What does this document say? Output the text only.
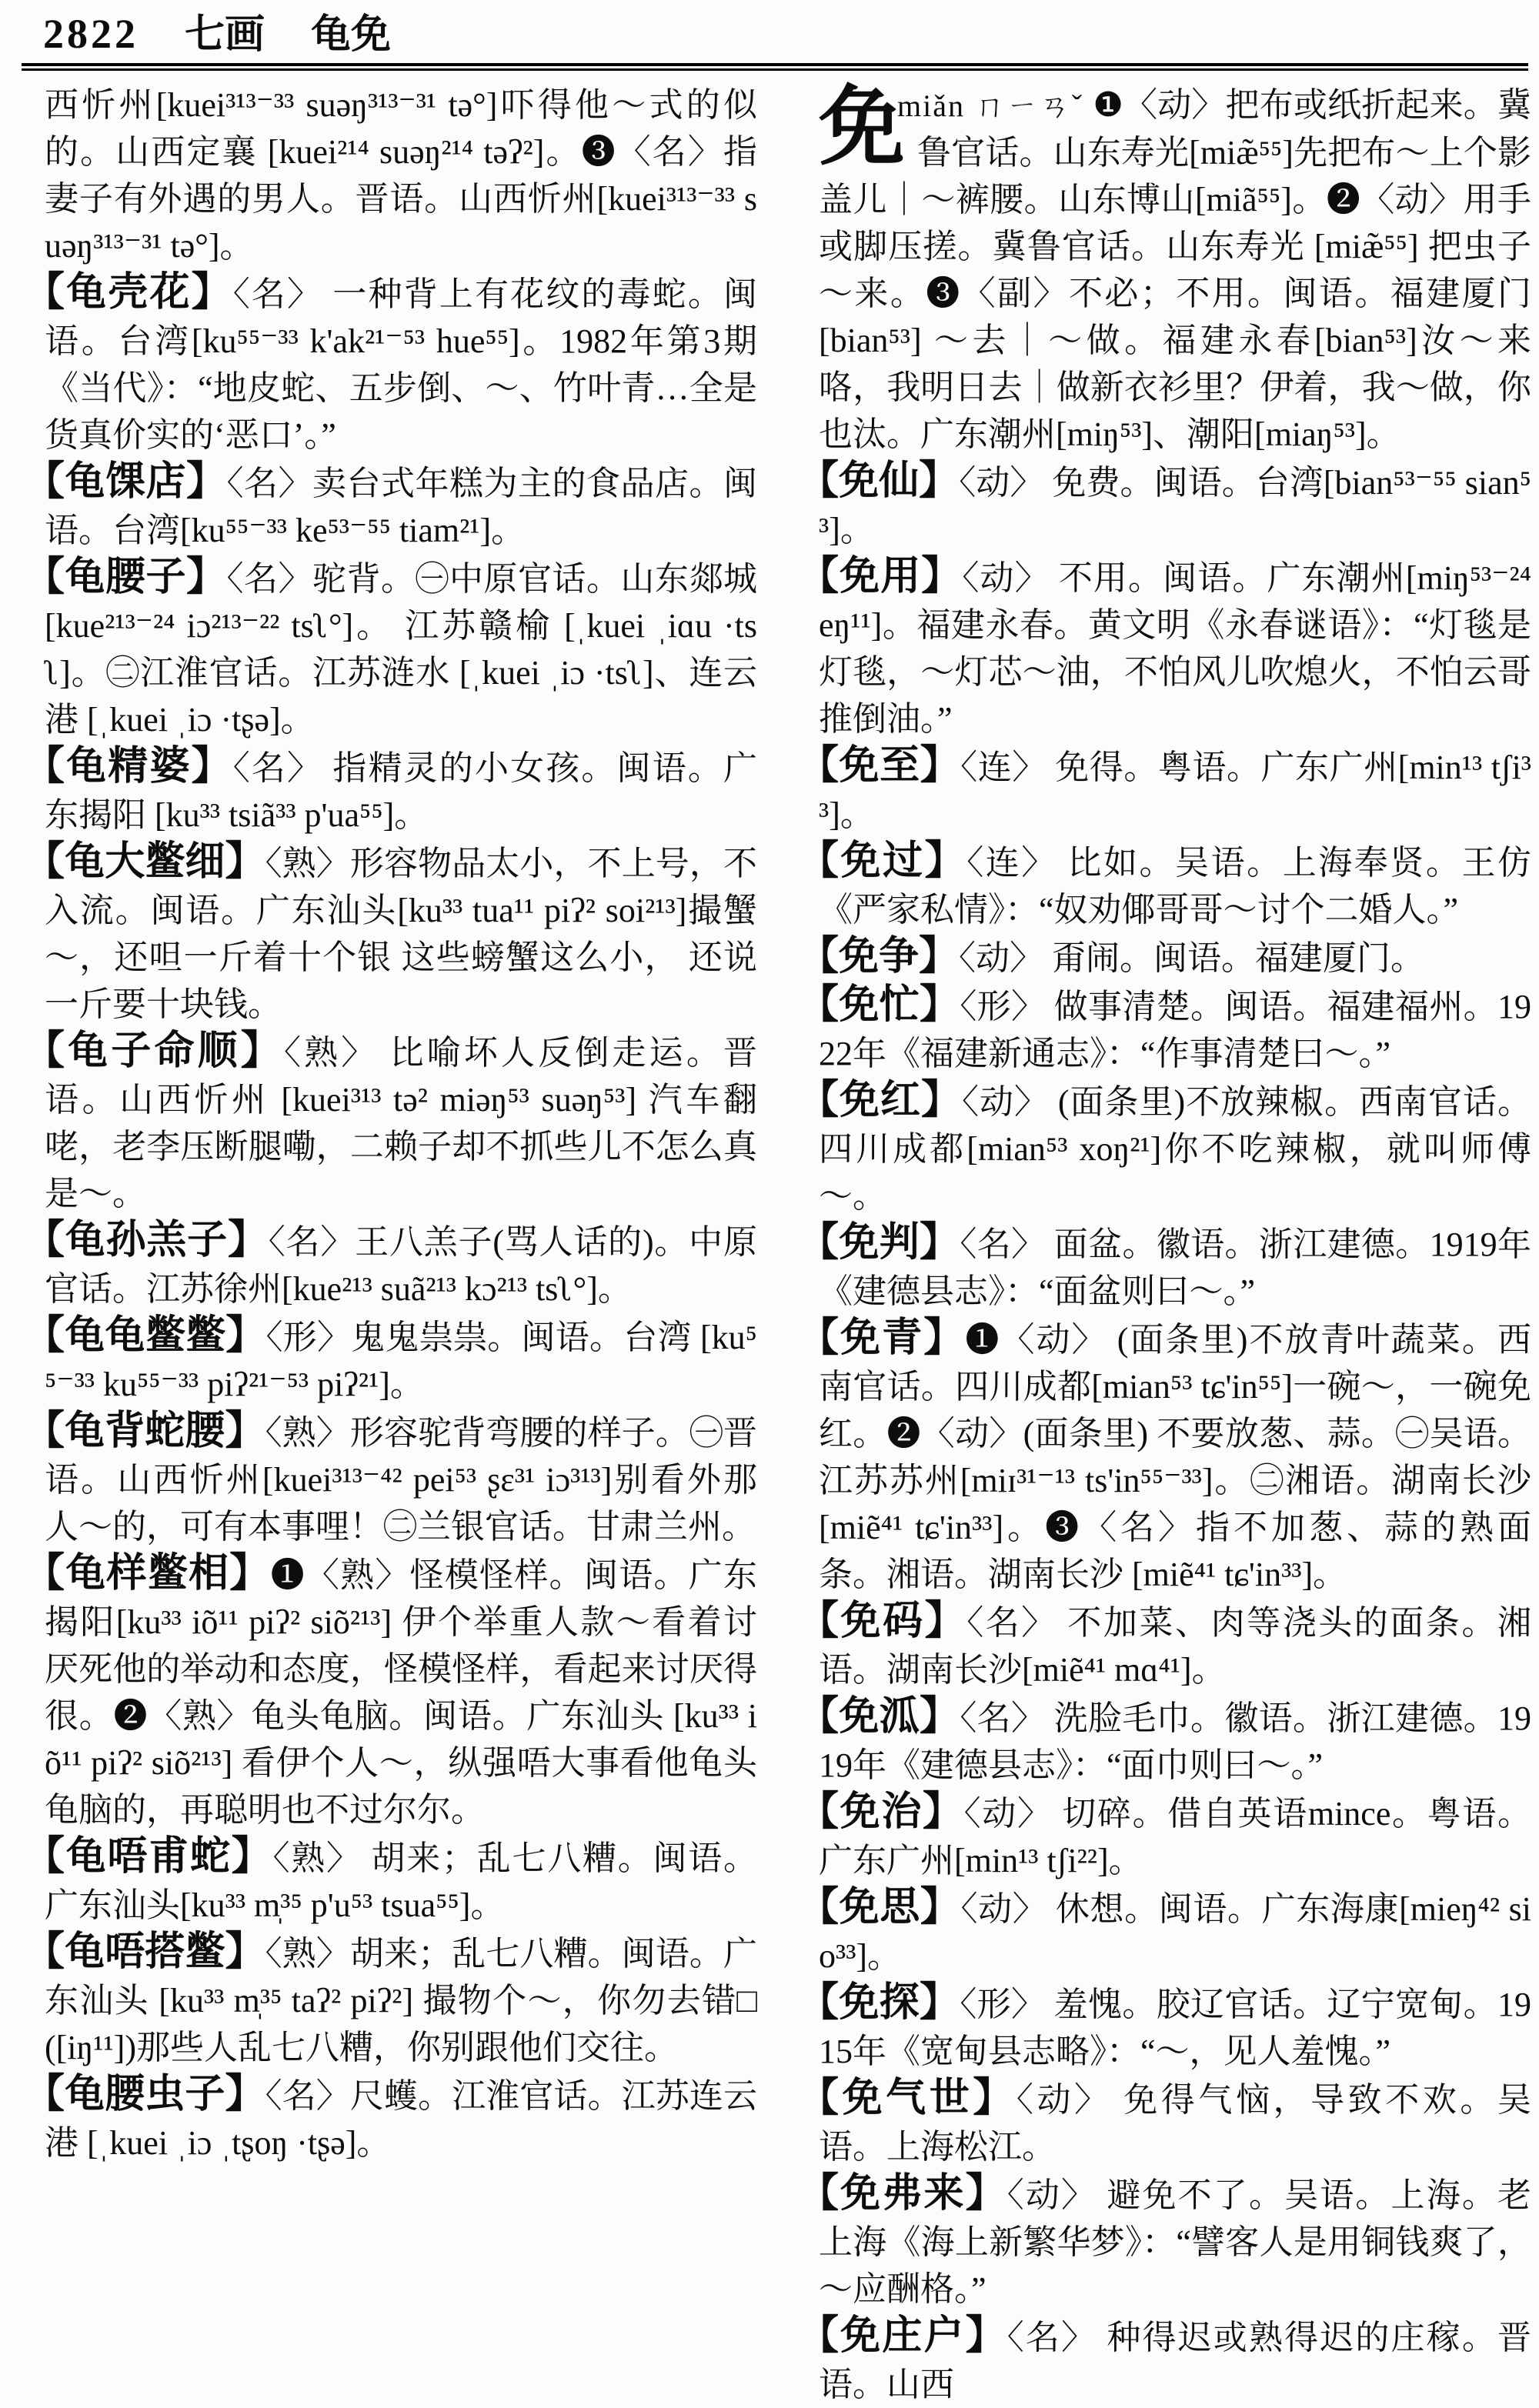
2822 七画 龟免
西忻州[kuei³¹³⁻³³ suəŋ³¹³⁻³¹ tə°]吓得他～式的似的。山西定襄 [kuei²¹⁴ suəŋ²¹⁴ təʔ²]。❸〈名〉指妻子有外遇的男人。晋语。山西忻州[kuei³¹³⁻³³ suəŋ³¹³⁻³¹ tə°]。
【龟壳花】〈名〉 一种背上有花纹的毒蛇。闽语。台湾[ku⁵⁵⁻³³ k'ak²¹⁻⁵³ hue⁵⁵]。1982年第3期《当代》：“地皮蛇、五步倒、～、竹叶青…全是货真价实的‘恶口’。”
【龟馃店】〈名〉卖台式年糕为主的食品店。闽语。台湾[ku⁵⁵⁻³³ ke⁵³⁻⁵⁵ tiam²¹]。
【龟腰子】〈名〉驼背。㊀中原官话。山东郯城 [kue²¹³⁻²⁴ iɔ²¹³⁻²² tsʅ°]。 江苏赣榆 [ˌkuei ˌiɑu ·tsʅ]。㊁江淮官话。江苏涟水 [ˌkuei ˌiɔ ·tsʅ]、连云港 [ˌkuei ˌiɔ ·tʂə]。
【龟精婆】〈名〉 指精灵的小女孩。闽语。广东揭阳 [ku³³ tsiã³³ p'ua⁵⁵]。
【龟大鳖细】〈熟〉形容物品太小，不上号，不入流。闽语。广东汕头[ku³³ tua¹¹ piʔ² soi²¹³]撮蟹～，还呾一斤着十个银 这些螃蟹这么小， 还说一斤要十块钱。
【龟子命顺】〈熟〉 比喻坏人反倒走运。晋语。山西忻州 [kuei³¹³ tə² miəŋ⁵³ suəŋ⁵³] 汽车翻咾，老李压断腿嘞，二赖子却不抓些儿不怎么真是～。
【龟孙羔子】〈名〉王八羔子(骂人话的)。中原官话。江苏徐州[kue²¹³ suã²¹³ kɔ²¹³ tsʅ°]。
【龟龟鳖鳖】〈形〉鬼鬼祟祟。闽语。台湾 [ku⁵⁵⁻³³ ku⁵⁵⁻³³ piʔ²¹⁻⁵³ piʔ²¹]。
【龟背蛇腰】〈熟〉形容驼背弯腰的样子。㊀晋语。山西忻州[kuei³¹³⁻⁴² pei⁵³ ʂɛ³¹ iɔ³¹³]别看外那人～的，可有本事哩！㊁兰银官话。甘肃兰州。
【龟样鳖相】❶〈熟〉怪模怪样。闽语。广东揭阳[ku³³ iõ¹¹ piʔ² siõ²¹³] 伊个举重人款～看着讨厌死他的举动和态度，怪模怪样，看起来讨厌得很。❷〈熟〉龟头龟脑。闽语。广东汕头 [ku³³ iõ¹¹ piʔ² siõ²¹³] 看伊个人～，纵强唔大事看他龟头龟脑的，再聪明也不过尔尔。
【龟唔甫蛇】〈熟〉 胡来；乱七八糟。闽语。广东汕头[ku³³ m̩³⁵ p'u⁵³ tsua⁵⁵]。
【龟唔搭鳖】〈熟〉胡来；乱七八糟。闽语。广东汕头 [ku³³ m̩³⁵ taʔ² piʔ²] 撮物个～，你勿去错□([iŋ¹¹])那些人乱七八糟，你别跟他们交往。
【龟腰虫子】〈名〉尺蠖。江淮官话。江苏连云港 [ˌkuei ˌiɔ ˌtʂoŋ ·tʂə]。
免
miǎn ㄇㄧㄢˇ ❶〈动〉把布或纸折起来。冀鲁官话。山东寿光[miæ̃⁵⁵]先把布～上个影盖儿｜～裤腰。山东博山[miã⁵⁵]。❷〈动〉用手或脚压搓。冀鲁官话。山东寿光 [miæ̃⁵⁵] 把虫子～来。❸〈副〉不必；不用。闽语。福建厦门 [bian⁵³] ～去｜～做。福建永春[bian⁵³]汝～来咯，我明日去｜做新衣衫里？伊着，我～做，你也汰。广东潮州[miŋ⁵³]、潮阳[miaŋ⁵³]。
【免仙】〈动〉 免费。闽语。台湾[bian⁵³⁻⁵⁵ sian⁵³]。
【免用】〈动〉 不用。闽语。广东潮州[miŋ⁵³⁻²⁴ eŋ¹¹]。福建永春。黄文明《永春谜语》：“灯毯是灯毯，～灯芯～油，不怕风儿吹熄火，不怕云哥推倒油。”
【免至】〈连〉 免得。粤语。广东广州[min¹³ tʃi³³]。
【免过】〈连〉 比如。吴语。上海奉贤。王仿《严家私情》：“奴劝倻哥哥～讨个二婚人。”
【免争】〈动〉 甭闹。闽语。福建厦门。
【免忙】〈形〉 做事清楚。闽语。福建福州。1922年《福建新通志》：“作事清楚曰～。”
【免红】〈动〉 (面条里)不放辣椒。西南官话。四川成都[mian⁵³ xoŋ²¹]你不吃辣椒，就叫师傅～。
【免判】〈名〉 面盆。徽语。浙江建德。1919年《建德县志》：“面盆则曰～。”
【免青】❶〈动〉 (面条里)不放青叶蔬菜。西南官话。四川成都[mian⁵³ tɕ'in⁵⁵]一碗～，一碗免红。❷〈动〉(面条里) 不要放葱、蒜。㊀吴语。江苏苏州[miɪ³¹⁻¹³ ts'in⁵⁵⁻³³]。㊁湘语。湖南长沙 [miẽ⁴¹ tɕ'in³³]。❸〈名〉指不加葱、蒜的熟面条。湘语。湖南长沙 [miẽ⁴¹ tɕ'in³³]。
【免码】〈名〉 不加菜、肉等浇头的面条。湘语。湖南长沙[miẽ⁴¹ mɑ⁴¹]。
【免泒】〈名〉 洗脸毛巾。徽语。浙江建德。1919年《建德县志》：“面巾则曰～。”
【免治】〈动〉 切碎。借自英语mince。粤语。广东广州[min¹³ tʃi²²]。
【免思】〈动〉 休想。闽语。广东海康[mieŋ⁴² sio³³]。
【免探】〈形〉 羞愧。胶辽官话。辽宁宽甸。1915年《宽甸县志略》：“～，见人羞愧。”
【免气世】〈动〉 免得气恼，导致不欢。吴语。上海松江。
【免弗来】〈动〉 避免不了。吴语。上海。老上海《海上新繁华梦》：“譬客人是用铜钱爽了，～应酬格。”
【免庄户】〈名〉 种得迟或熟得迟的庄稼。晋语。山西
